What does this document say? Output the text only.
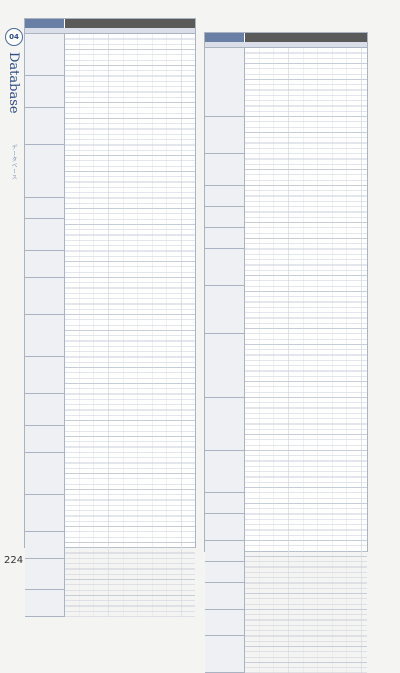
04
Database
データベース
224
